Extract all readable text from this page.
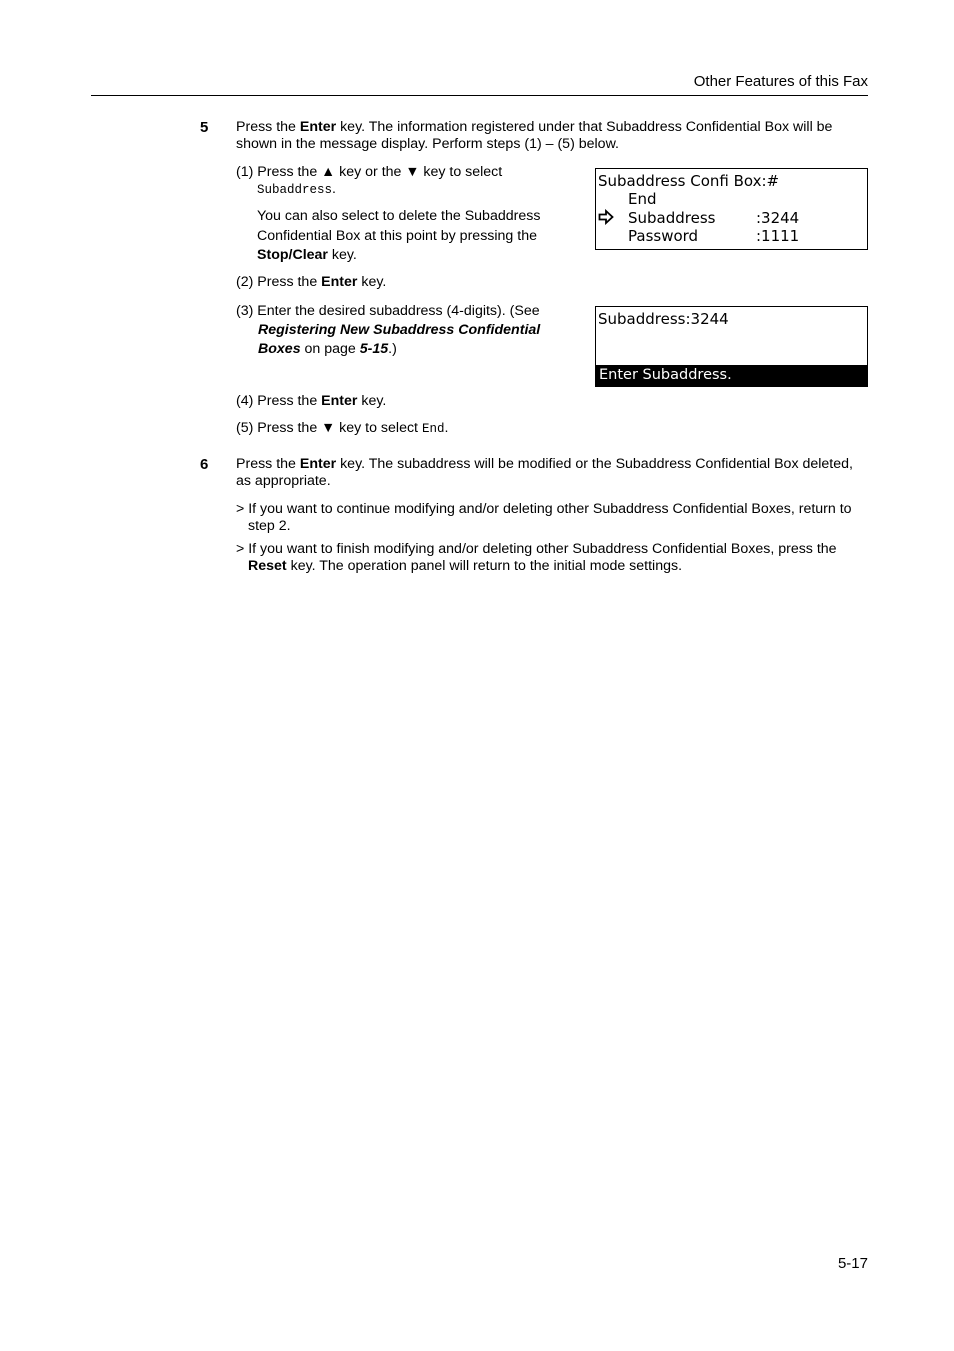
Other Features of this Fax
5 Press the Enter key. The information registered under that Subaddress Confidential Box will be
shown in the message display. Perform steps (1) – (5) below.
(1) Press the ▲ key or the ▼ key to select
Subaddress.
You can also select to delete the Subaddress
Confidential Box at this point by pressing the
Stop/Clear key.
(2) Press the Enter key.
(3) Enter the desired subaddress (4-digits). (See
Registering New Subaddress Confidential
Boxes on page 5-15.)
(4) Press the Enter key.
(5) Press the ▼ key to select End.
Subaddress Confi Box:#
End
Subaddress	:3244
Password	:1111
Subaddress:3244
Enter Subaddress.
6 Press the Enter key. The subaddress will be modified or the Subaddress Confidential Box deleted,
as appropriate.
> If you want to continue modifying and/or deleting other Subaddress Confidential Boxes, return to
step 2.
> If you want to finish modifying and/or deleting other Subaddress Confidential Boxes, press the
Reset key. The operation panel will return to the initial mode settings.
5-17
